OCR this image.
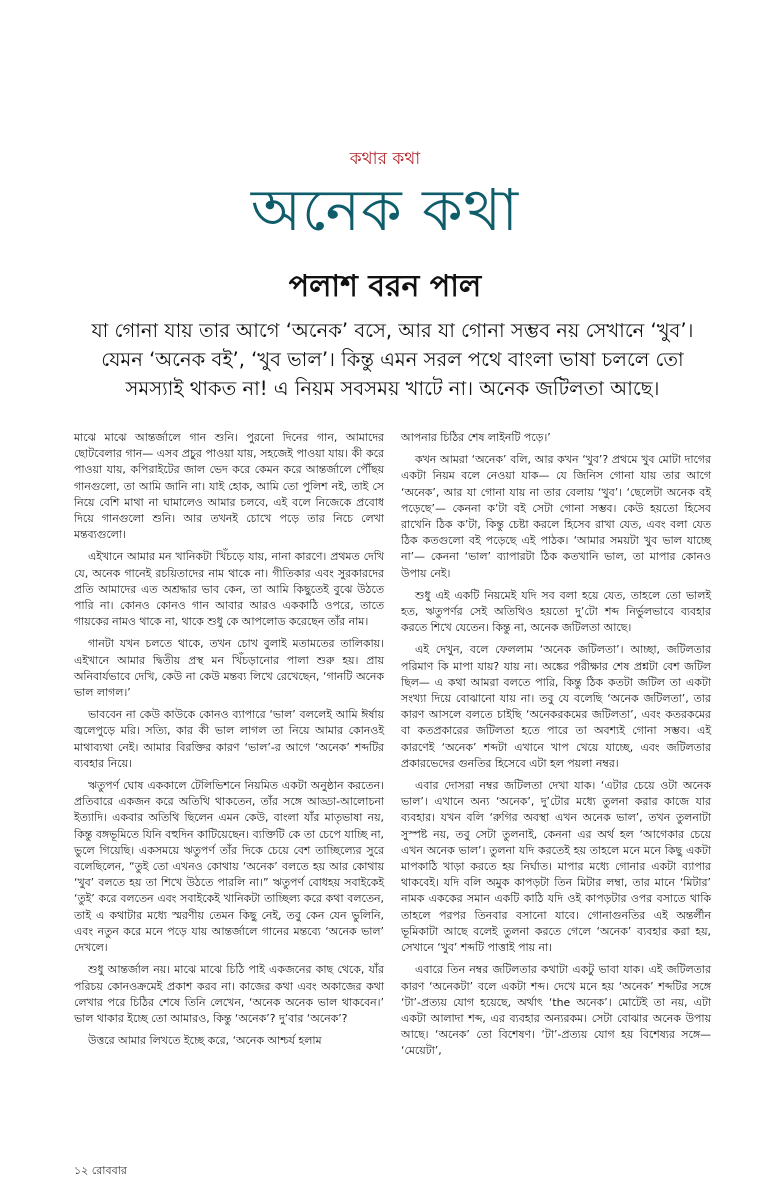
কথার কথা
অনেক কথা
পলাশ বরন পাল
যা গোনা যায় তার আগে ‘অনেক’ বসে, আর যা গোনা সম্ভব নয় সেখানে ‘খুব’। যেমন ‘অনেক বই’, ‘খুব ভাল’। কিন্তু এমন সরল পথে বাংলা ভাষা চললে তো সমস্যাই থাকত না! এ নিয়ম সবসময় খাটে না। অনেক জটিলতা আছে।

মাঝে মাঝে আন্তর্জালে গান শুনি। পুরনো দিনের গান, আমাদের ছোটবেলার গান— এসব প্রচুর পাওয়া যায়, সহজেই পাওয়া যায়। কী করে পাওয়া যায়, কপিরাইটের জাল ভেদ করে কেমন করে আন্তর্জালে পৌঁছয় গানগুলো, তা আমি জানি না। যাই হোক, আমি তো পুলিশ নই, তাই সে নিয়ে বেশি মাথা না ঘামালেও আমার চলবে, এই বলে নিজেকে প্রবোধ দিয়ে গানগুলো শুনি। আর তখনই চোখে পড়ে তার নিচে লেখা মন্তব্যগুলো।

এইখানে আমার মন খানিকটা খিঁচড়ে যায়, নানা কারণে। প্রথমত দেখি যে, অনেক গানেই রচয়িতাদের নাম থাকে না। গীতিকার এবং সুরকারদের প্রতি আমাদের এত অশ্রদ্ধার ভাব কেন, তা আমি কিছুতেই বুঝে উঠতে পারি না। কোনও কোনও গান আবার আরও এককাঠি ওপরে, তাতে গায়কের নামও থাকে না, থাকে শুধু কে আপলোড করেছেন তাঁর নাম।

গানটা যখন চলতে থাকে, তখন চোখ বুলাই মতামতের তালিকায়। এইখানে আমার দ্বিতীয় প্রস্থ মন খিঁচড়ানোর পালা শুরু হয়। প্রায় অনিবার্যভাবে দেখি, কেউ না কেউ মন্তব্য লিখে রেখেছেন, ‘গানটি অনেক ভাল লাগল।’

ভাববেন না কেউ কাউকে কোনও ব্যাপারে ‘ভাল’ বললেই আমি ঈর্ষায় জ্বলেপুড়ে মরি। সত্যি, কার কী ভাল লাগল তা নিয়ে আমার কোনওই মাথাব্যথা নেই। আমার বিরক্তির কারণ ‘ভাল’-র আগে ‘অনেক’ শব্দটির ব্যবহার নিয়ে।

ঋতুপর্ণ ঘোষ এককালে টেলিভিশনে নিয়মিত একটা অনুষ্ঠান করতেন। প্রতিবারে একজন করে অতিথি থাকতেন, তাঁর সঙ্গে আড্ডা-আলোচনা ইত্যাদি। একবার অতিথি ছিলেন এমন কেউ, বাংলা যাঁর মাতৃভাষা নয়, কিন্তু বঙ্গভূমিতে যিনি বহুদিন কাটিয়েছেন। ব্যক্তিটি কে তা চেপে যাচ্ছি না, ভুলে গিয়েছি। একসময়ে ঋতুপর্ণ তাঁর দিকে চেয়ে বেশ তাচ্ছিল্যের সুরে বলেছিলেন, “তুই তো এখনও কোথায় ‘অনেক’ বলতে হয় আর কোথায় ‘খুব’ বলতে হয় তা শিখে উঠতে পারলি না।” ঋতুপর্ণ বোধহয় সবাইকেই ‘তুই’ করে বলতেন এবং সবাইকেই খানিকটা তাচ্ছিল্য করে কথা বলতেন, তাই এ কথাটার মধ্যে স্মরণীয় তেমন কিছু নেই, তবু কেন যেন ভুলিনি, এবং নতুন করে মনে পড়ে যায় আন্তর্জালে গানের মন্তব্যে ‘অনেক ভাল’ দেখলে।

শুধু আন্তর্জাল নয়। মাঝে মাঝে চিঠি পাই একজনের কাছ থেকে, যাঁর পরিচয় কোনওক্রমেই প্রকাশ করব না। কাজের কথা এবং অকাজের কথা লেখার পরে চিঠির শেষে তিনি লেখেন, ‘অনেক অনেক ভাল থাকবেন।’ ভাল থাকার ইচ্ছে তো আমারও, কিন্তু ‘অনেক’? দু’বার ‘অনেক’?

উত্তরে আমার লিখতে ইচ্ছে করে, ‘অনেক আশ্চর্য হলাম

আপনার চিঠির শেষ লাইনটি পড়ে।’

কখন আমরা ‘অনেক’ বলি, আর কখন ‘খুব’? প্রথমে খুব মোটা দাগের একটা নিয়ম বলে নেওয়া যাক— যে জিনিস গোনা যায় তার আগে ‘অনেক’, আর যা গোনা যায় না তার বেলায় ‘খুব’। ‘ছেলেটা অনেক বই পড়েছে’— কেননা ক’টা বই সেটা গোনা সম্ভব। কেউ হয়তো হিসেব রাখেনি ঠিক ক’টা, কিন্তু চেষ্টা করলে হিসেব রাখা যেত, এবং বলা যেত ঠিক কতগুলো বই পড়েছে এই পাঠক। ‘আমার সময়টা খুব ভাল যাচ্ছে না’— কেননা ‘ভাল’ ব্যাপারটা ঠিক কতখানি ভাল, তা মাপার কোনও উপায় নেই।

শুধু এই একটি নিয়মেই যদি সব বলা হয়ে যেত, তাহলে তো ভালই হত, ঋতুপর্ণর সেই অতিথিও হয়তো দু’টো শব্দ নির্ভুলভাবে ব্যবহার করতে শিখে যেতেন। কিন্তু না, অনেক জটিলতা আছে।

এই দেখুন, বলে ফেললাম ‘অনেক জটিলতা’। আচ্ছা, জটিলতার পরিমাণ কি মাপা যায়? যায় না। অঙ্কের পরীক্ষার শেষ প্রশ্নটা বেশ জটিল ছিল— এ কথা আমরা বলতে পারি, কিন্তু ঠিক কতটা জটিল তা একটা সংখ্যা দিয়ে বোঝানো যায় না। তবু যে বলেছি ‘অনেক জটিলতা’, তার কারণ আসলে বলতে চাইছি ‘অনেকরকমের জটিলতা’, এবং কতরকমের বা কতপ্রকারের জটিলতা হতে পারে তা অবশ্যই গোনা সম্ভব। এই কারণেই ‘অনেক’ শব্দটা এখানে খাপ খেয়ে যাচ্ছে, এবং জটিলতার প্রকারভেদের গুনতির হিসেবে এটা হল পয়লা নম্বর।

এবার দোসরা নম্বর জটিলতা দেখা যাক। ‘এটার চেয়ে ওটা অনেক ভাল’। এখানে অন্য ‘অনেক’, দু’টোর মধ্যে তুলনা করার কাজে যার ব্যবহার। যখন বলি ‘রুগির অবস্থা এখন অনেক ভাল’, তখন তুলনাটা সুস্পষ্ট নয়, তবু সেটা তুলনাই, কেননা এর অর্থ হল ‘আগেকার চেয়ে এখন অনেক ভাল’। তুলনা যদি করতেই হয় তাহলে মনে মনে কিছু একটা মাপকাঠি খাড়া করতে হয় নির্ঘাত। মাপার মধ্যে গোনার একটা ব্যাপার থাকবেই। যদি বলি অমুক কাপড়টা তিন মিটার লম্বা, তার মানে ‘মিটার’ নামক এককের সমান একটি কাঠি যদি ওই কাপড়টার ওপর বসাতে থাকি তাহলে পরপর তিনবার বসানো যাবে। গোনাগুনতির এই অন্তর্লীন ভূমিকাটা আছে বলেই তুলনা করতে গেলে ‘অনেক’ ব্যবহার করা হয়, সেখানে ‘খুব’ শব্দটি পাত্তাই পায় না।

এবারে তিন নম্বর জটিলতার কথাটা একটু ভাবা যাক। এই জটিলতার কারণ ‘অনেকটা’ বলে একটা শব্দ। দেখে মনে হয় ‘অনেক’ শব্দটির সঙ্গে ‘টা’-প্রত্যয় যোগ হয়েছে, অর্থাৎ ‘the অনেক’। মোটেই তা নয়, এটা একটা আলাদা শব্দ, এর ব্যবহার অন্যরকম। সেটা বোঝার অনেক উপায় আছে। ‘অনেক’ তো বিশেষণ। ‘টা’-প্রত্যয় যোগ হয় বিশেষ্যর সঙ্গে— ‘মেয়েটা’,

১২ রোববার
